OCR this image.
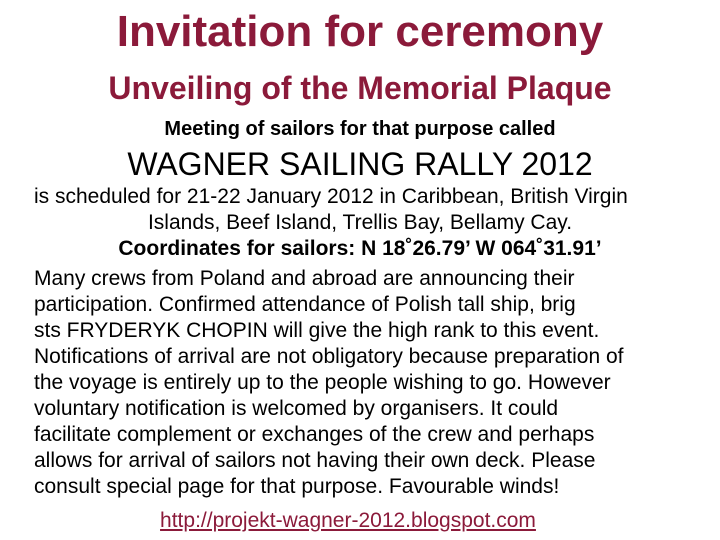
Invitation for ceremony
Unveiling of the Memorial Plaque

Meeting of sailors for that purpose called

WAGNER SAILING RALLY 2012

is scheduled for 21-22 January 2012 in Caribbean, British Virgin

Islands, Beef Island, Trellis Bay, Bellamy Cay.

Coordinates for sailors: N 18˚26.79’ W 064˚31.91’

Many crews from Poland and abroad are announcing their

participation. Confirmed attendance of Polish tall ship, brig

sts FRYDERYK CHOPIN will give the high rank to this event.

Notifications of arrival are not obligatory because preparation of

the voyage is entirely up to the people wishing to go. However

voluntary notification is welcomed by organisers. It could

facilitate complement or exchanges of the crew and perhaps

allows for arrival of sailors not having their own deck. Please

consult special page for that purpose. Favourable winds!

http://projekt-wagner-2012.blogspot.com
